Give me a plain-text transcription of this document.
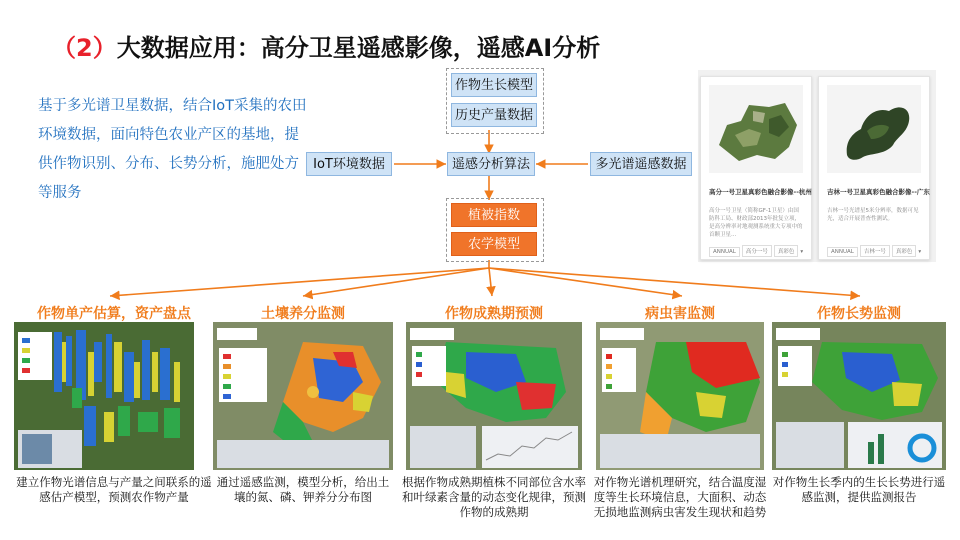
（2）大数据应用：高分卫星遥感影像，遥感AI分析
基于多光谱卫星数据，结合IoT采集的农田环境数据，面向特色农业产区的基地，提供作物识别、分布、长势分析，施肥处方等服务
作物生长模型
历史产量数据
IoT环境数据	遥感分析算法	多光谱遥感数据
植被指数
农学模型
高分一号卫星真彩色融合影像--杭州
高分一号卫星（简称GF-1卫星）由国防科工局、财政部2013年批复立项，是高分辨率对地观测系统重大专项中的首颗卫星...
ANNUAL 高分一号 真彩色 ▾
吉林一号卫星真彩色融合影像--广东
吉林一号光谱星5米分辨率，数据可见光，适合开展普查性测试。
ANNUAL 吉林一号 真彩色 ▾
作物单产估算，资产盘点
建立作物光谱信息与产量之间联系的遥感估产模型，预测农作物产量
土壤养分监测
通过遥感监测，模型分析，给出土壤的氮、磷、钾养分分布图
作物成熟期预测
根据作物成熟期植株不同部位含水率和叶绿素含量的动态变化规律，预测作物的成熟期
病虫害监测
对作物光谱机理研究，结合温度湿度等生长环境信息，大面积、动态无损地监测病虫害发生现状和趋势
作物长势监测
对作物生长季内的生长长势进行遥感监测，提供监测报告
